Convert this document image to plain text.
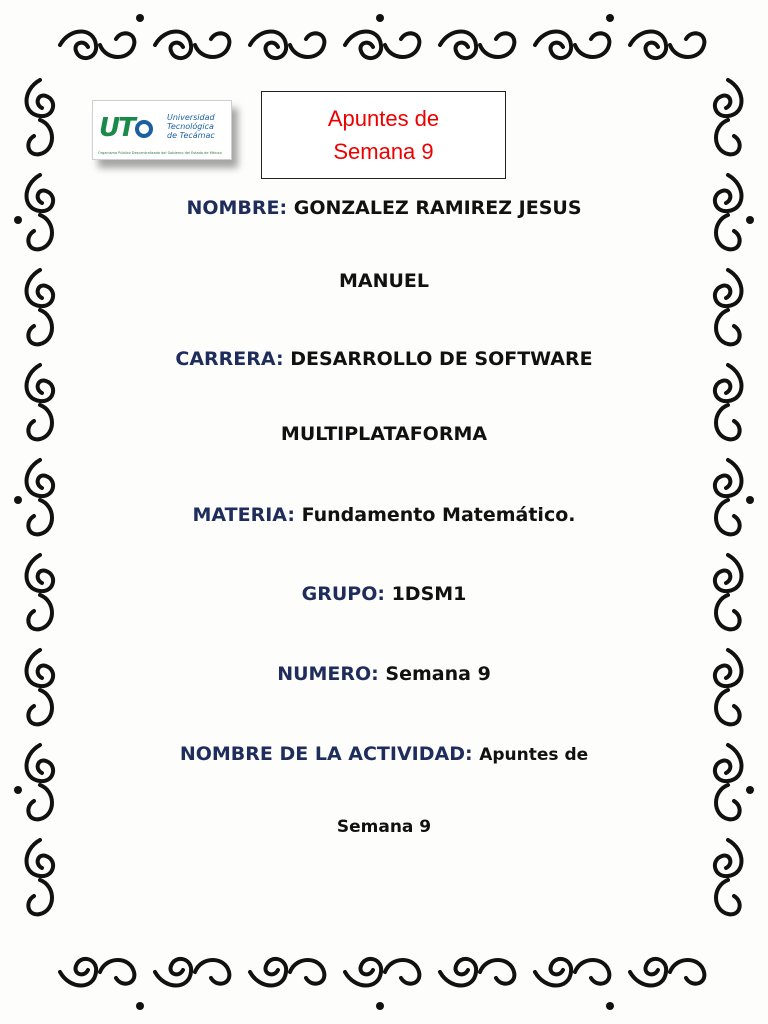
UT	Universidad
Tecnológica
de Tecámac
Organismo Público Descentralizado del Gobierno del Estado de México
Apuntes de
Semana 9
NOMBRE: GONZALEZ RAMIREZ JESUS
MANUEL
CARRERA: DESARROLLO DE SOFTWARE
MULTIPLATAFORMA
MATERIA: Fundamento Matemático.
GRUPO: 1DSM1
NUMERO: Semana 9
NOMBRE DE LA ACTIVIDAD: Apuntes de
Semana 9
